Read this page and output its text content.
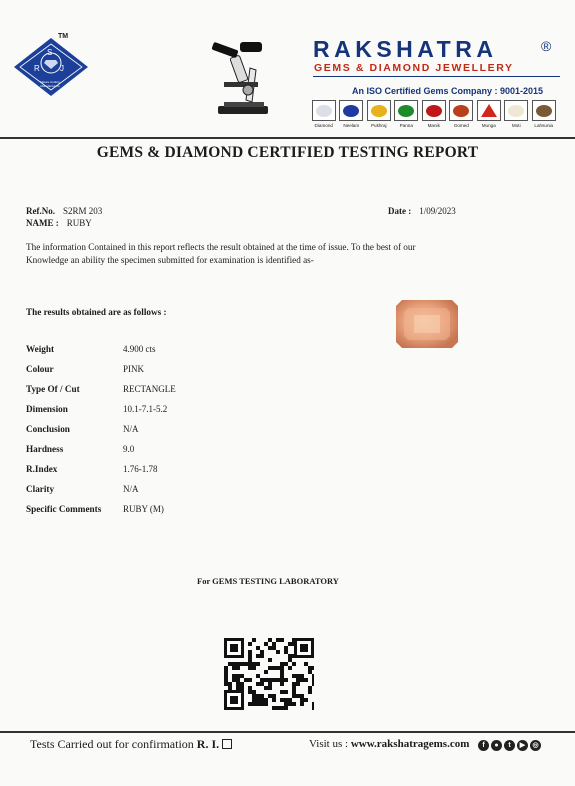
S
R	J
Nature Cutting Manufacturers
TM	RAKSHATRA	®
GEMS & DIAMOND JEWELLERY
An ISO Certified Gems Company : 9001-2015
Diamond Neelam	Pukhraj	Panna	Manik	Gomed	Munga	Moti	Lahsunia
GEMS & DIAMOND CERTIFIED TESTING REPORT
Ref.No. S2RM 203
NAME : RUBY
Date : 1/09/2023
The information Contained in this report reflects the result obtained at the time of issue. To the best of our
Knowledge an ability the specimen submitted for examination is identified as-
The results obtained are as follows :
Weight	4.900 cts
Colour	PINK
Type Of / Cut	RECTANGLE
Dimension	10.1-7.1-5.2
Conclusion	N/A
Hardness	9.0
R.Index	1.76-1.78
Clarity	N/A
Specific Comments	RUBY (M)
For GEMS TESTING LABORATORY
Tests Carried out for confirmation R. I.	Visit us : www.rakshatragems.com	f	●	t	▶	◎
